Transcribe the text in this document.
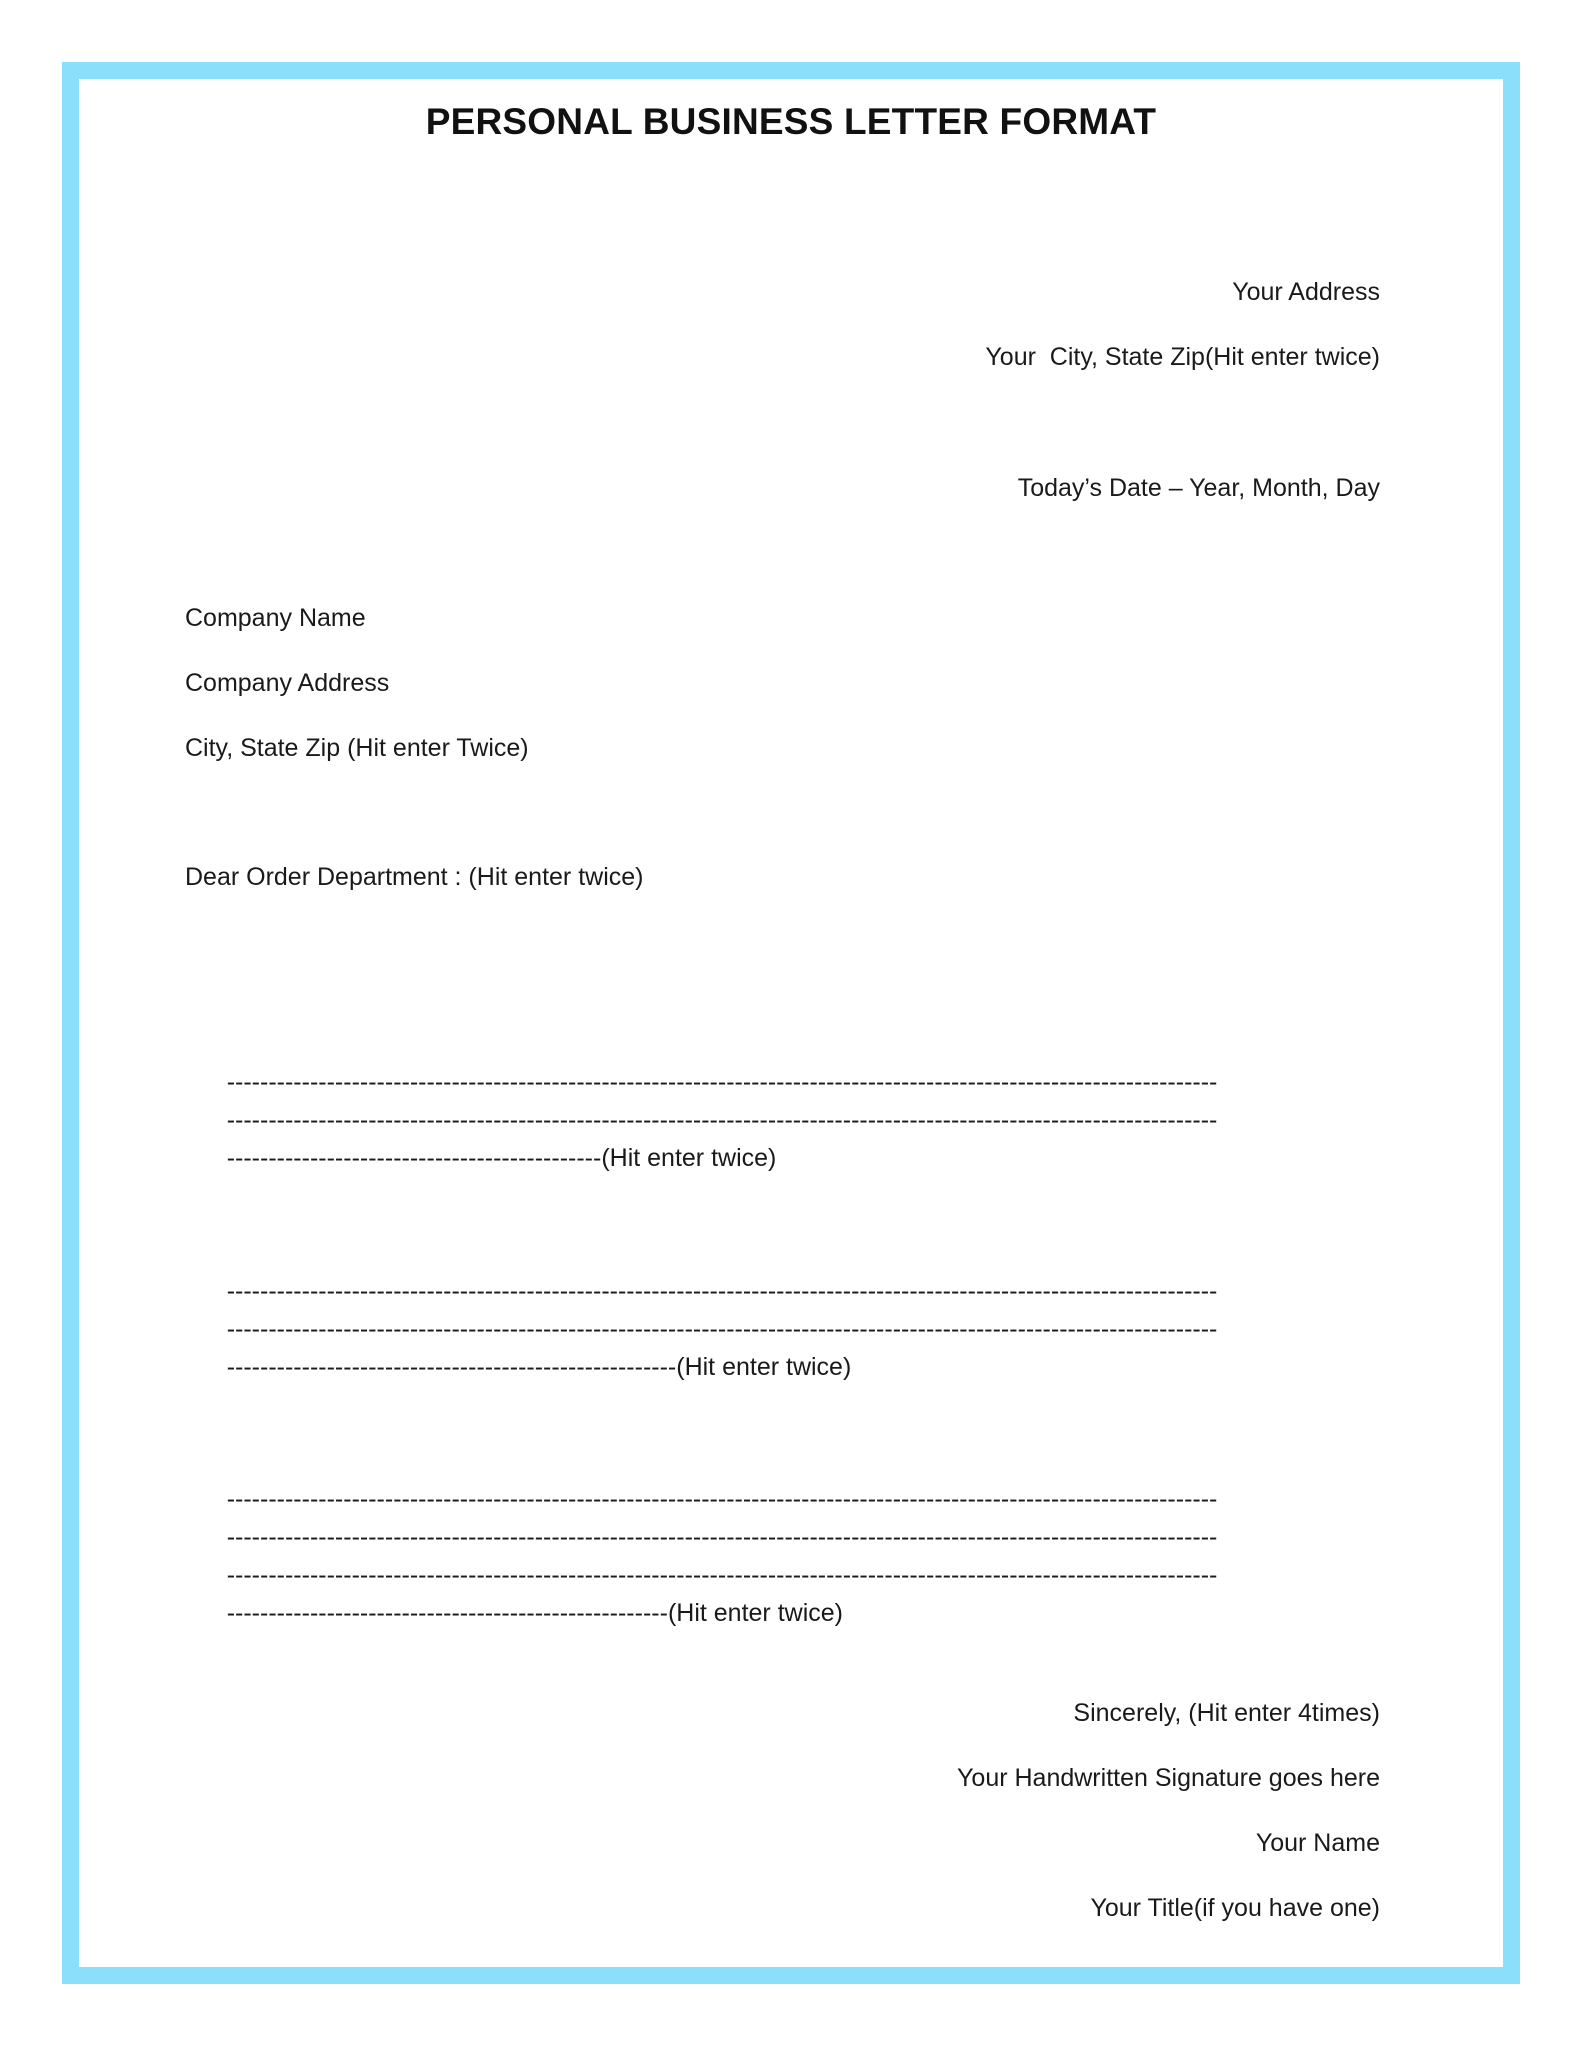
PERSONAL BUSINESS LETTER FORMAT
Your Address
Your  City, State Zip(Hit enter twice)
Today’s Date – Year, Month, Day
Company Name
Company Address
City, State Zip (Hit enter Twice)
Dear Order Department : (Hit enter twice)

-----------------------------------------------------------------------------------------------------------------------

-----------------------------------------------------------------------------------------------------------------------

---------------------------------------------(Hit enter twice)

-----------------------------------------------------------------------------------------------------------------------

-----------------------------------------------------------------------------------------------------------------------

------------------------------------------------------(Hit enter twice)

-----------------------------------------------------------------------------------------------------------------------

-----------------------------------------------------------------------------------------------------------------------

-----------------------------------------------------------------------------------------------------------------------

-----------------------------------------------------(Hit enter twice)

Sincerely, (Hit enter 4times)
Your Handwritten Signature goes here
Your Name
Your Title(if you have one)
